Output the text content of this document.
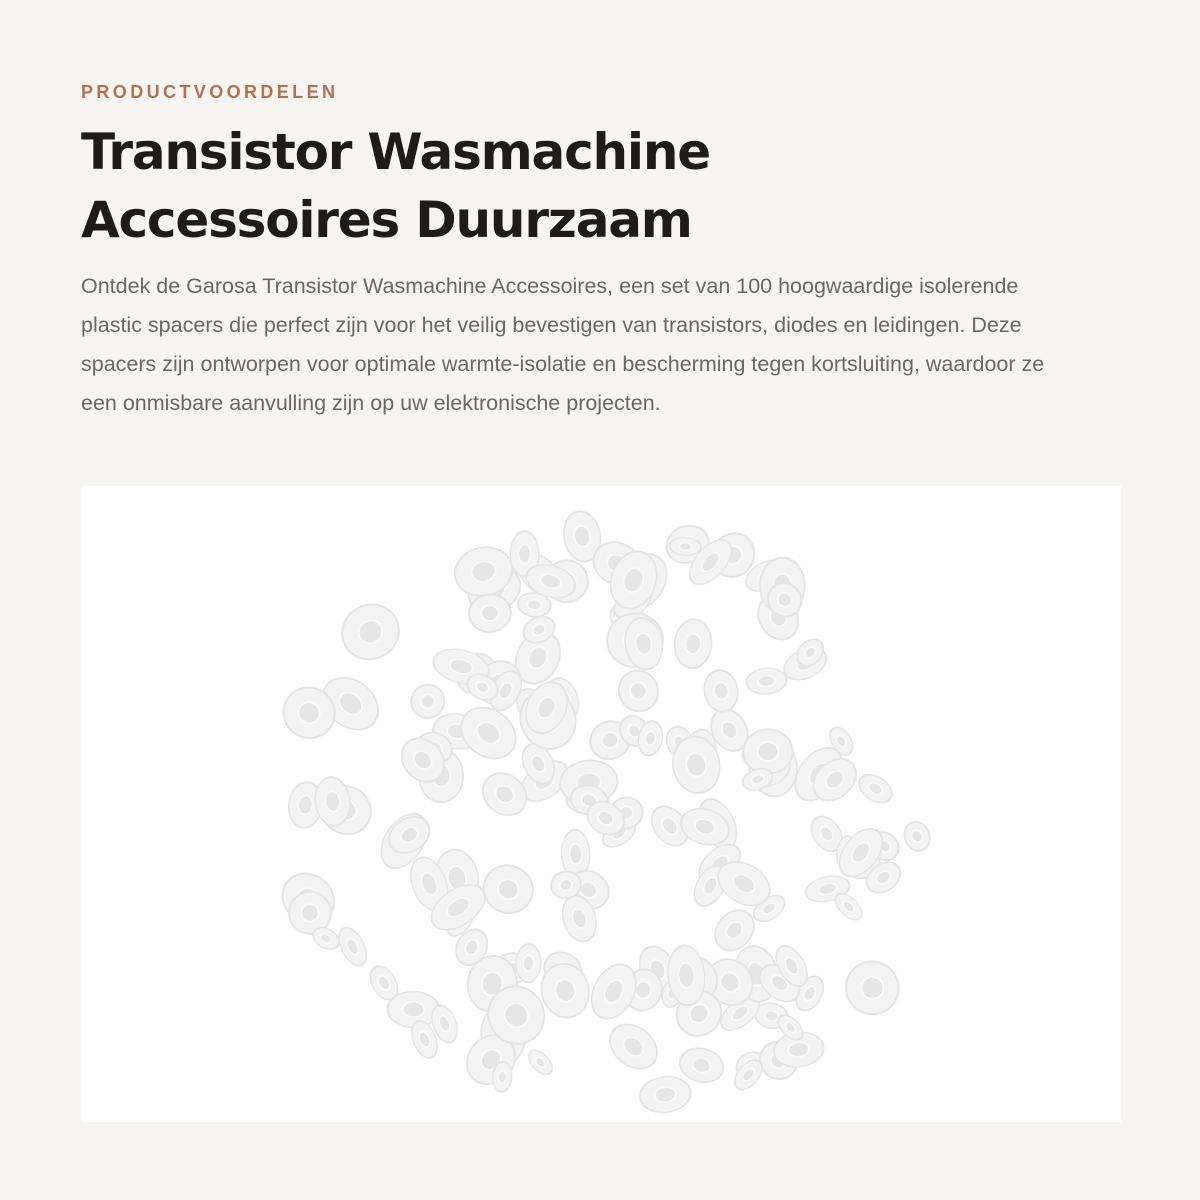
PRODUCTVOORDELEN

Transistor Wasmachine
Accessoires Duurzaam

Ontdek de Garosa Transistor Wasmachine Accessoires, een set van 100 hoogwaardige isolerende plastic spacers die perfect zijn voor het veilig bevestigen van transistors, diodes en leidingen. Deze spacers zijn ontworpen voor optimale warmte-isolatie en bescherming tegen kortsluiting, waardoor ze een onmisbare aanvulling zijn op uw elektronische projecten.
